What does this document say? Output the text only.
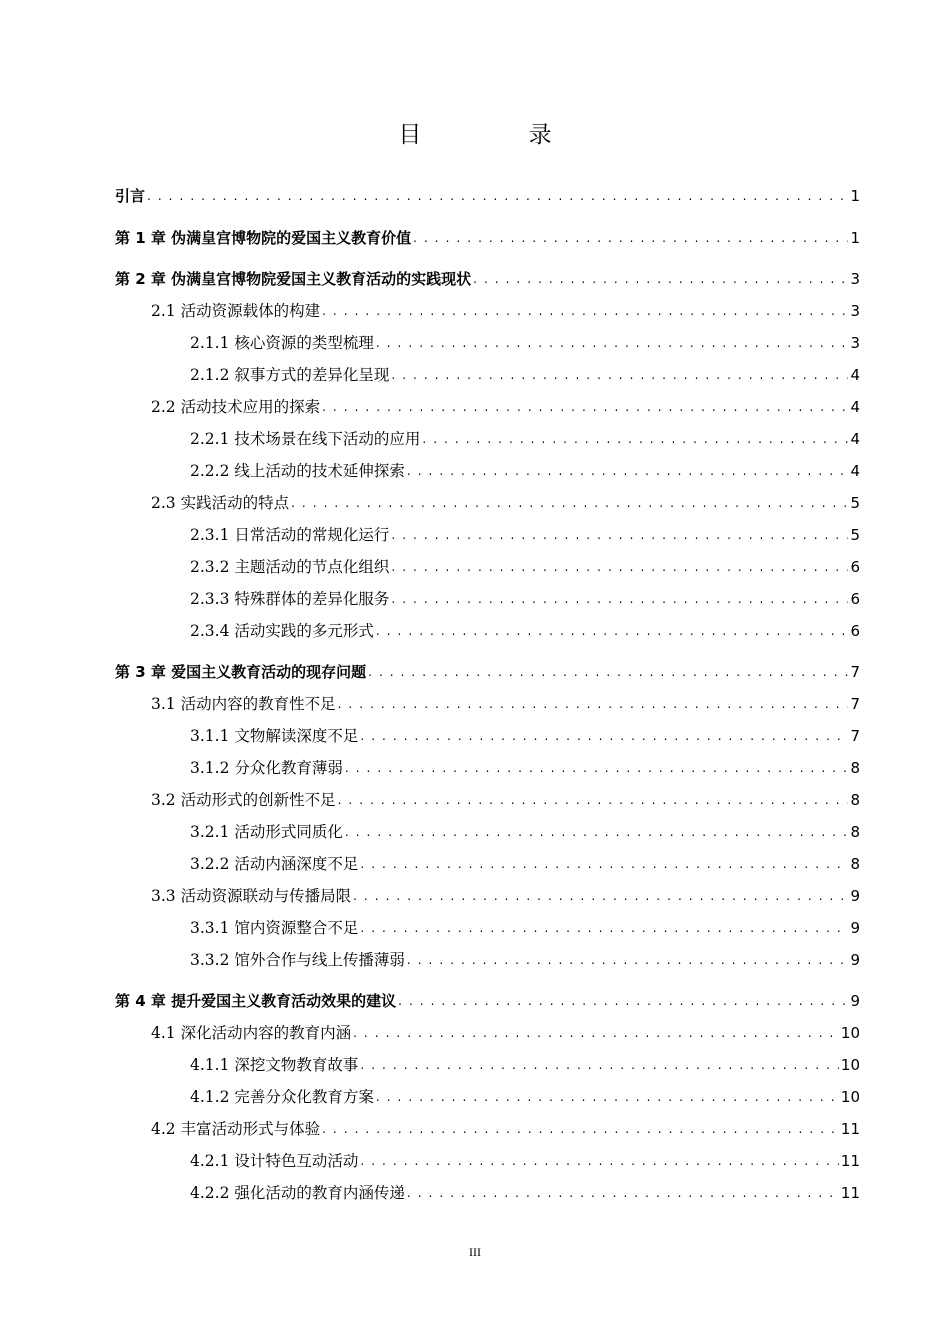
目 录
引言 . . .	1
第 1 章 伪满皇宫博物院的爱国主义教育价值 . . .	1
第 2 章 伪满皇宫博物院爱国主义教育活动的实践现状 . . .	3
2.1 活动资源载体的构建 . . .	3
2.1.1 核心资源的类型梳理 . . .	3
2.1.2 叙事方式的差异化呈现 . . .	4
2.2 活动技术应用的探索 . . .	4
2.2.1 技术场景在线下活动的应用 . . .	4
2.2.2 线上活动的技术延伸探索 . . .	4
2.3 实践活动的特点 . . .	5
2.3.1 日常活动的常规化运行 . . .	5
2.3.2 主题活动的节点化组织 . . .	6
2.3.3 特殊群体的差异化服务 . . .	6
2.3.4 活动实践的多元形式 . . .	6
第 3 章 爱国主义教育活动的现存问题 . . .	7
3.1 活动内容的教育性不足 . . .	7
3.1.1 文物解读深度不足 . . .	7
3.1.2 分众化教育薄弱 . . .	8
3.2 活动形式的创新性不足 . . .	8
3.2.1 活动形式同质化 . . .	8
3.2.2 活动内涵深度不足 . . .	8
3.3 活动资源联动与传播局限 . . .	9
3.3.1 馆内资源整合不足 . . .	9
3.3.2 馆外合作与线上传播薄弱 . . .	9
第 4 章 提升爱国主义教育活动效果的建议 . . .	9
4.1 深化活动内容的教育内涵 . . .	10
4.1.1 深挖文物教育故事 . . .	10
4.1.2 完善分众化教育方案 . . .	10
4.2 丰富活动形式与体验 . . .	11
4.2.1 设计特色互动活动 . . .	11
4.2.2 强化活动的教育内涵传递 . . .	11
III
